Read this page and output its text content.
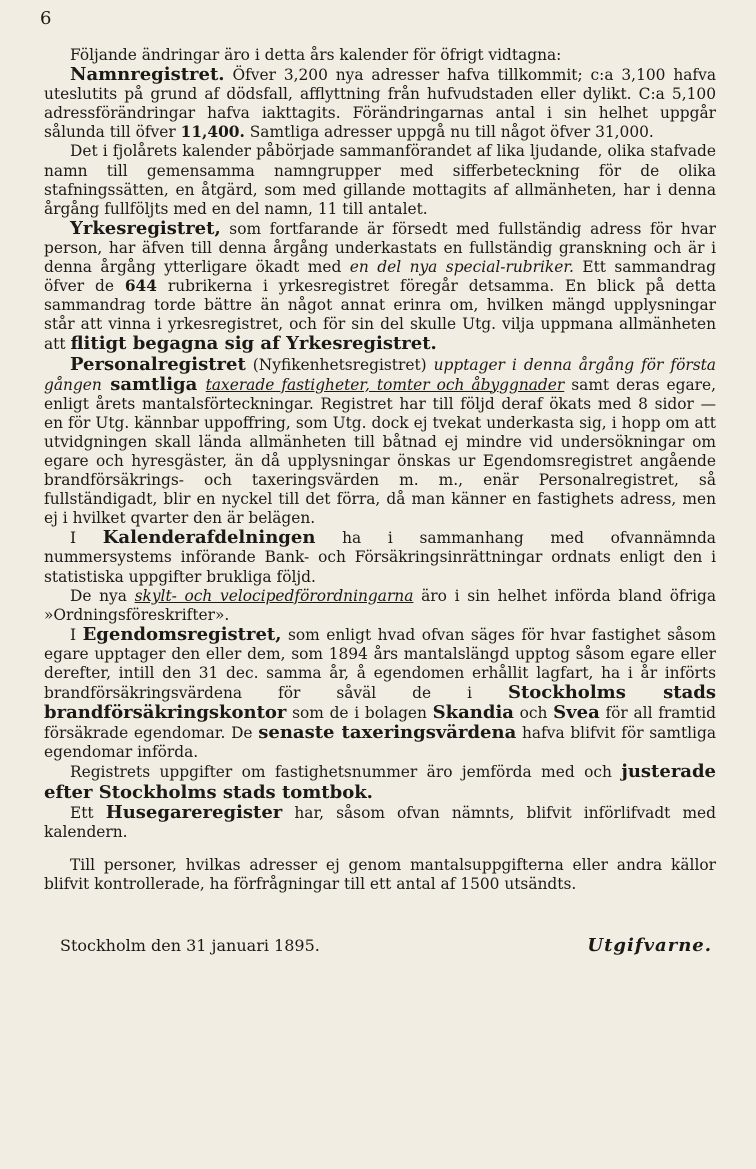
6

Följande ändringar äro i detta års kalender för öfrigt vidtagna:

Namnregistret. Öfver 3,200 nya adresser hafva tillkommit; c:a 3,100 hafva uteslutits på grund af dödsfall, afflyttning från hufvudstaden eller dylikt. C:a 5,100 adressförändringar hafva iakttagits. Förändringarnas antal i sin helhet uppgår sålunda till öfver 11,400. Samtliga adresser uppgå nu till något öfver 31,000.

Det i fjolårets kalender påbörjade sammanförandet af lika ljudande, olika stafvade namn till gemensamma namngrupper med sifferbeteckning för de olika stafningssätten, en åtgärd, som med gillande mottagits af allmänheten, har i denna årgång fullföljts med en del namn, 11 till antalet.

Yrkesregistret, som fortfarande är försedt med fullständig adress för hvar person, har äfven till denna årgång underkastats en fullständig granskning och är i denna årgång ytterligare ökadt med en del nya special-rubriker. Ett sammandrag öfver de 644 rubrikerna i yrkesregistret föregår detsamma. En blick på detta sammandrag torde bättre än något annat erinra om, hvilken mängd upplysningar står att vinna i yrkesregistret, och för sin del skulle Utg. vilja uppmana allmänheten att flitigt begagna sig af Yrkesregistret.

Personalregistret (Nyfikenhetsregistret) upptager i denna årgång för första gången samtliga taxerade fastigheter, tomter och åbyggnader samt deras egare, enligt årets mantalsförteckningar. Registret har till följd deraf ökats med 8 sidor — en för Utg. kännbar uppoffring, som Utg. dock ej tvekat underkasta sig, i hopp om att utvidgningen skall lända allmänheten till båtnad ej mindre vid undersökningar om egare och hyresgäster, än då upplysningar önskas ur Egendomsregistret angående brandförsäkrings- och taxeringsvärden m. m., enär Personalregistret, så fullständigadt, blir en nyckel till det förra, då man känner en fastighets adress, men ej i hvilket qvarter den är belägen.

I Kalenderafdelningen ha i sammanhang med ofvannämnda nummersystems införande Bank- och Försäkringsinrättningar ordnats enligt den i statistiska uppgifter brukliga följd.

De nya skylt- och velocipedförordningarna äro i sin helhet införda bland öfriga »Ordningsföreskrifter».

I Egendomsregistret, som enligt hvad ofvan säges för hvar fastighet såsom egare upptager den eller dem, som 1894 års mantalslängd upptog såsom egare eller derefter, intill den 31 dec. samma år, å egendomen erhållit lagfart, ha i år införts brandförsäkringsvärdena för såväl de i Stockholms stads brandförsäkringskontor som de i bolagen Skandia och Svea för all framtid försäkrade egendomar. De senaste taxeringsvärdena hafva blifvit för samtliga egendomar införda.

Registrets uppgifter om fastighetsnummer äro jemförda med och justerade efter Stockholms stads tomtbok.

Ett Husegareregister har, såsom ofvan nämnts, blifvit införlifvadt med kalendern.

Till personer, hvilkas adresser ej genom mantalsuppgifterna eller andra källor blifvit kontrollerade, ha förfrågningar till ett antal af 1500 utsändts.

Stockholm den 31 januari 1895.	Utgifvarne.
